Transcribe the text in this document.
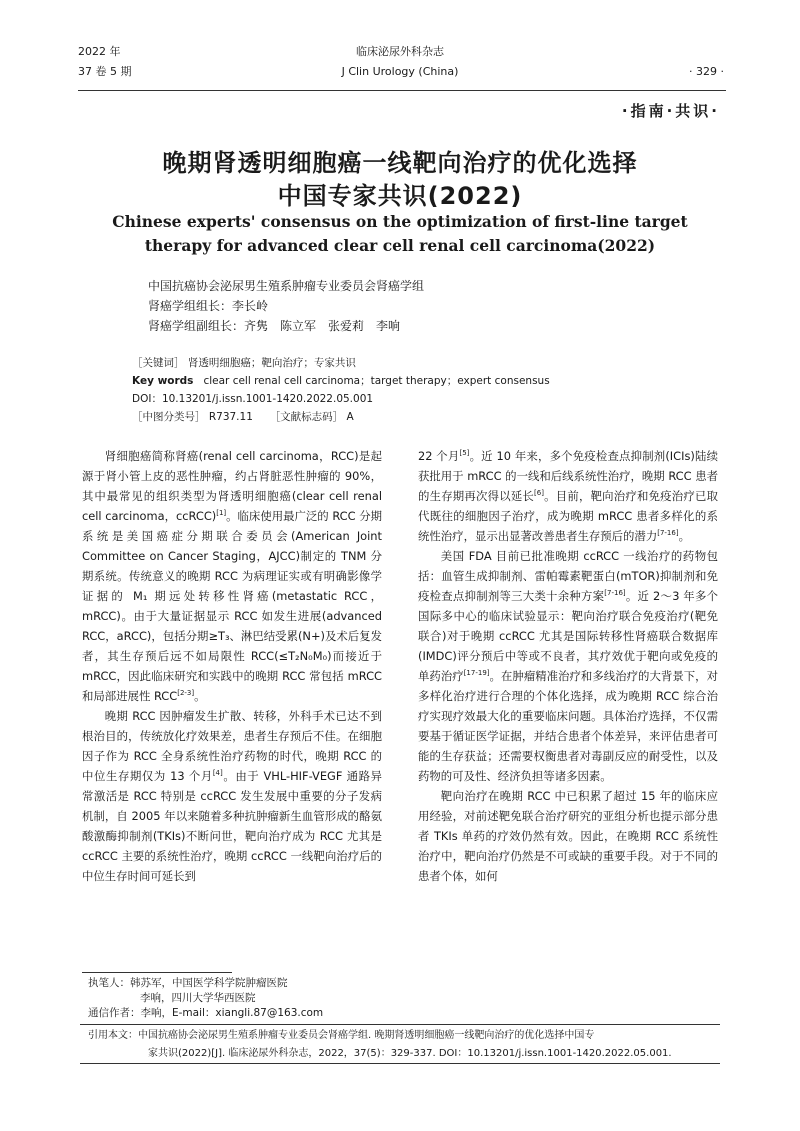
2022 年
37 卷 5 期
临床泌尿外科杂志
J Clin Urology (China)	· 329 ·
·指南·共识·
晚期肾透明细胞癌一线靶向治疗的优化选择
中国专家共识(2022)
Chinese experts' consensus on the optimization of first-line target
therapy for advanced clear cell renal cell carcinoma(2022)
中国抗癌协会泌尿男生殖系肿瘤专业委员会肾癌学组
肾癌学组组长：李长岭
肾癌学组副组长：齐隽　陈立军　张爱莉　李响
［关键词］ 肾透明细胞癌；靶向治疗；专家共识
Key words clear cell renal cell carcinoma；target therapy；expert consensus
DOI：10.13201/j.issn.1001-1420.2022.05.001
［中图分类号］ R737.11 ［文献标志码］ A

肾细胞癌简称肾癌(renal cell carcinoma，RCC)是起源于肾小管上皮的恶性肿瘤，约占肾脏恶性肿瘤的 90%，其中最常见的组织类型为肾透明细胞癌(clear cell renal cell carcinoma，ccRCC)[1]。临床使用最广泛的 RCC 分期系统是美国癌症分期联合委员会(American Joint Committee on Cancer Staging，AJCC)制定的 TNM 分期系统。传统意义的晚期 RCC 为病理证实或有明确影像学证据的 M₁ 期远处转移性肾癌(metastatic RCC，mRCC)。由于大量证据显示 RCC 如发生进展(advanced RCC，aRCC)，包括分期≥T₃、淋巴结受累(N+)及术后复发者，其生存预后远不如局限性 RCC(≤T₂N₀M₀)而接近于 mRCC，因此临床研究和实践中的晚期 RCC 常包括 mRCC 和局部进展性 RCC[2-3]。

晚期 RCC 因肿瘤发生扩散、转移，外科手术已达不到根治目的，传统放化疗效果差，患者生存预后不佳。在细胞因子作为 RCC 全身系统性治疗药物的时代，晚期 RCC 的中位生存期仅为 13 个月[4]。由于 VHL-HIF-VEGF 通路异常激活是 RCC 特别是 ccRCC 发生发展中重要的分子发病机制，自 2005 年以来随着多种抗肿瘤新生血管形成的酪氨酸激酶抑制剂(TKIs)不断问世，靶向治疗成为 RCC 尤其是 ccRCC 主要的系统性治疗，晚期 ccRCC 一线靶向治疗后的中位生存时间可延长到

22 个月[5]。近 10 年来，多个免疫检查点抑制剂(ICIs)陆续获批用于 mRCC 的一线和后线系统性治疗，晚期 RCC 患者的生存期再次得以延长[6]。目前，靶向治疗和免疫治疗已取代既往的细胞因子治疗，成为晚期 mRCC 患者多样化的系统性治疗，显示出显著改善患者生存预后的潜力[7-16]。

美国 FDA 目前已批准晚期 ccRCC 一线治疗的药物包括：血管生成抑制剂、雷帕霉素靶蛋白(mTOR)抑制剂和免疫检查点抑制剂等三大类十余种方案[7-16]。近 2～3 年多个国际多中心的临床试验显示：靶向治疗联合免疫治疗(靶免联合)对于晚期 ccRCC 尤其是国际转移性肾癌联合数据库(IMDC)评分预后中等或不良者，其疗效优于靶向或免疫的单药治疗[17-19]。在肿瘤精准治疗和多线治疗的大背景下，对多样化治疗进行合理的个体化选择，成为晚期 RCC 综合治疗实现疗效最大化的重要临床问题。具体治疗选择，不仅需要基于循证医学证据，并结合患者个体差异，来评估患者可能的生存获益；还需要权衡患者对毒副反应的耐受性，以及药物的可及性、经济负担等诸多因素。

靶向治疗在晚期 RCC 中已积累了超过 15 年的临床应用经验，对前述靶免联合治疗研究的亚组分析也提示部分患者 TKIs 单药的疗效仍然有效。因此，在晚期 RCC 系统性治疗中，靶向治疗仍然是不可或缺的重要手段。对于不同的患者个体，如何

执笔人：韩苏军，中国医学科学院肿瘤医院
李响，四川大学华西医院
通信作者：李响，E-mail：xiangli.87@163.com
引用本文：中国抗癌协会泌尿男生殖系肿瘤专业委员会肾癌学组. 晚期肾透明细胞癌一线靶向治疗的优化选择中国专
家共识(2022)[J]. 临床泌尿外科杂志，2022，37(5)：329-337. DOI：10.13201/j.issn.1001-1420.2022.05.001.
